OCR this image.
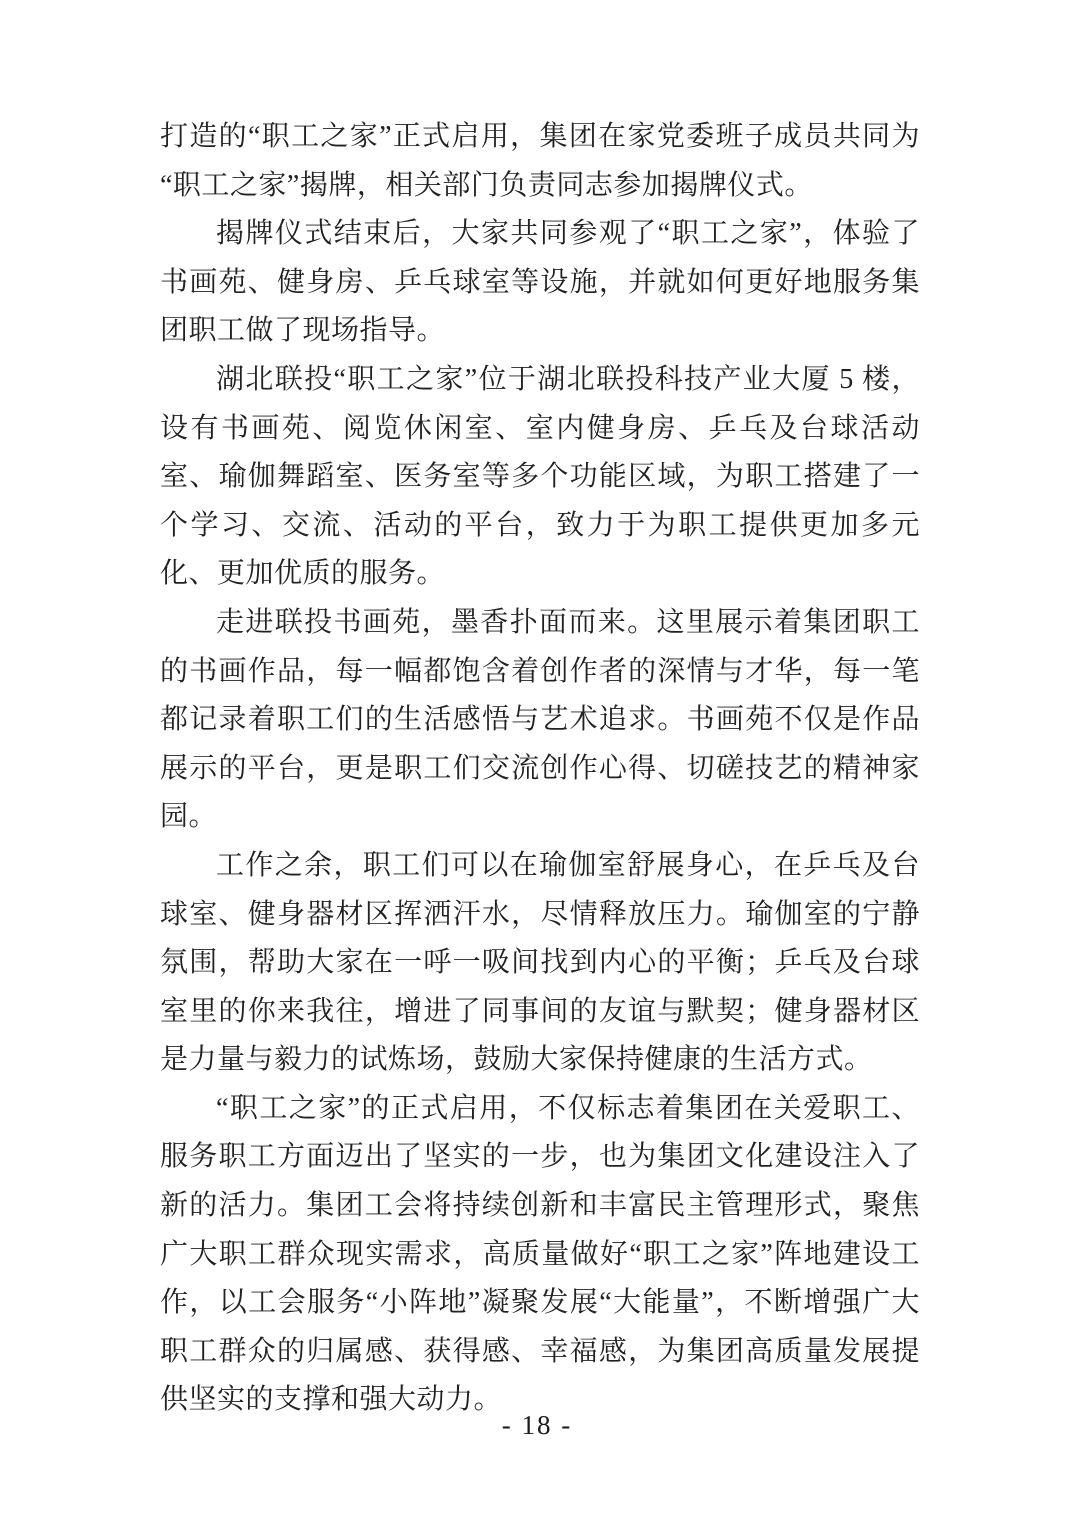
打造的“职工之家”正式启用，集团在家党委班子成员共同为“职工之家”揭牌，相关部门负责同志参加揭牌仪式。

揭牌仪式结束后，大家共同参观了“职工之家”，体验了书画苑、健身房、乒乓球室等设施，并就如何更好地服务集团职工做了现场指导。

湖北联投“职工之家”位于湖北联投科技产业大厦 5 楼，设有书画苑、阅览休闲室、室内健身房、乒乓及台球活动室、瑜伽舞蹈室、医务室等多个功能区域，为职工搭建了一个学习、交流、活动的平台，致力于为职工提供更加多元化、更加优质的服务。

走进联投书画苑，墨香扑面而来。这里展示着集团职工的书画作品，每一幅都饱含着创作者的深情与才华，每一笔都记录着职工们的生活感悟与艺术追求。书画苑不仅是作品展示的平台，更是职工们交流创作心得、切磋技艺的精神家园。

工作之余，职工们可以在瑜伽室舒展身心，在乒乓及台球室、健身器材区挥洒汗水，尽情释放压力。瑜伽室的宁静氛围，帮助大家在一呼一吸间找到内心的平衡；乒乓及台球室里的你来我往，增进了同事间的友谊与默契；健身器材区是力量与毅力的试炼场，鼓励大家保持健康的生活方式。

“职工之家”的正式启用，不仅标志着集团在关爱职工、服务职工方面迈出了坚实的一步，也为集团文化建设注入了新的活力。集团工会将持续创新和丰富民主管理形式，聚焦广大职工群众现实需求，高质量做好“职工之家”阵地建设工作，以工会服务“小阵地”凝聚发展“大能量”，不断增强广大职工群众的归属感、获得感、幸福感，为集团高质量发展提供坚实的支撑和强大动力。

- 18 -
